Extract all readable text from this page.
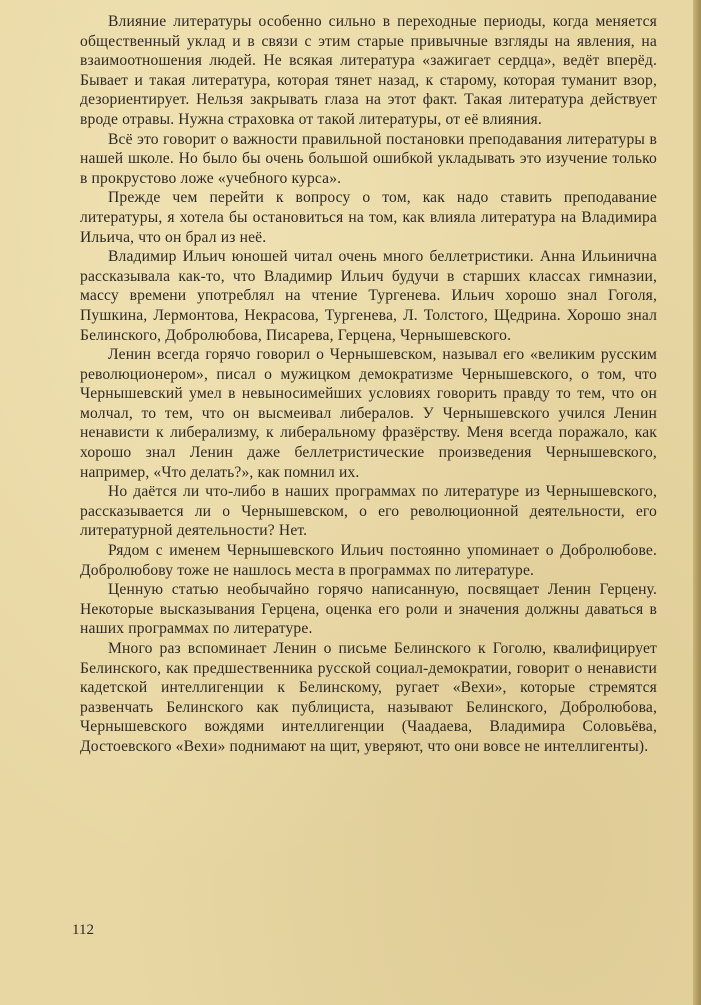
Влияние литературы особенно сильно в переходные периоды, когда меняется общественный уклад и в связи с этим старые привычные взгляды на явления, на взаимоотношения людей. Не всякая литература «зажигает сердца», ведёт вперёд. Бывает и такая литература, которая тянет назад, к старому, которая туманит взор, дезориентирует. Нельзя закрывать глаза на этот факт. Такая литература действует вроде отравы. Нужна страховка от такой литературы, от её влияния.

Всё это говорит о важности правильной постановки преподавания литературы в нашей школе. Но было бы очень большой ошибкой укладывать это изучение только в прокрустово ложе «учебного курса».

Прежде чем перейти к вопросу о том, как надо ставить преподавание литературы, я хотела бы остановиться на том, как влияла литература на Владимира Ильича, что он брал из неё.

Владимир Ильич юношей читал очень много беллетристики. Анна Ильинична рассказывала как-то, что Владимир Ильич будучи в старших классах гимназии, массу времени употреблял на чтение Тургенева. Ильич хорошо знал Гоголя, Пушкина, Лермонтова, Некрасова, Тургенева, Л. Толстого, Щедрина. Хорошо знал Белинского, Добролюбова, Писарева, Герцена, Чернышевского.

Ленин всегда горячо говорил о Чернышевском, называл его «великим русским революционером», писал о мужицком демократизме Чернышевского, о том, что Чернышевский умел в невыносимейших условиях говорить правду то тем, что он молчал, то тем, что он высмеивал либералов. У Чернышевского учился Ленин ненависти к либерализму, к либеральному фразёрству. Меня всегда поражало, как хорошо знал Ленин даже беллетристические произведения Чернышевского, например, «Что делать?», как помнил их.

Но даётся ли что-либо в наших программах по литературе из Чернышевского, рассказывается ли о Чернышевском, о его революционной деятельности, его литературной деятельности? Нет.

Рядом с именем Чернышевского Ильич постоянно упоминает о Добролюбове. Добролюбову тоже не нашлось места в программах по литературе.

Ценную статью необычайно горячо написанную, посвящает Ленин Герцену. Некоторые высказывания Герцена, оценка его роли и значения должны даваться в наших программах по литературе.

Много раз вспоминает Ленин о письме Белинского к Гоголю, квалифицирует Белинского, как предшественника русской социал-демократии, говорит о ненависти кадетской интеллигенции к Белинскому, ругает «Вехи», которые стремятся развенчать Белинского как публициста, называют Белинского, Добролюбова, Чернышевского вождями интеллигенции (Чаадаева, Владимира Соловьёва, Достоевского «Вехи» поднимают на щит, уверяют, что они вовсе не интеллигенты).

112
